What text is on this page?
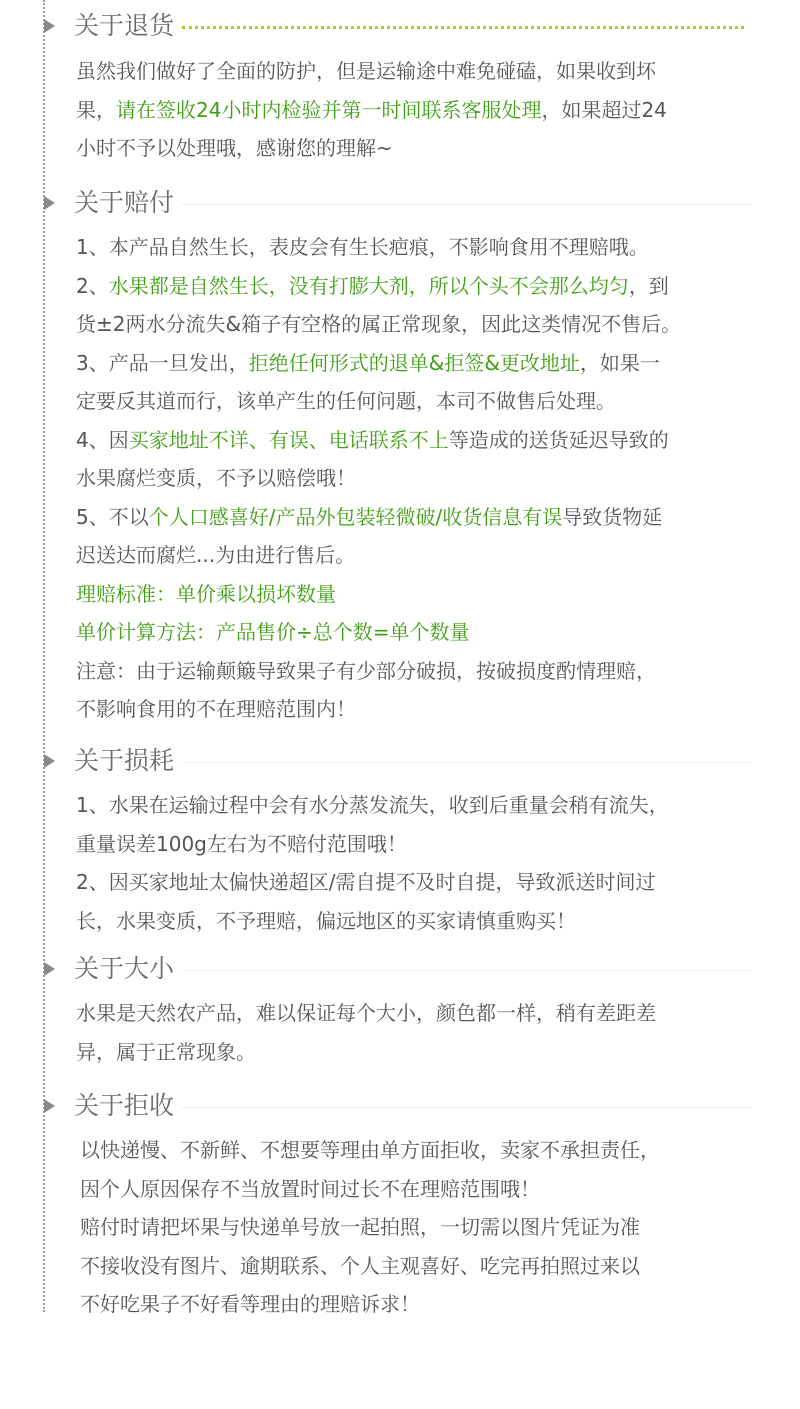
关于退货
虽然我们做好了全面的防护，但是运输途中难免碰磕，如果收到坏
果，请在签收24小时内检验并第一时间联系客服处理，如果超过24
小时不予以处理哦，感谢您的理解~
关于赔付
1、本产品自然生长，表皮会有生长疤痕，不影响食用不理赔哦。
2、水果都是自然生长，没有打膨大剂，所以个头不会那么均匀，到
货±2两水分流失&箱子有空格的属正常现象，因此这类情况不售后。
3、产品一旦发出，拒绝任何形式的退单&拒签&更改地址，如果一
定要反其道而行，该单产生的任何问题，本司不做售后处理。
4、因买家地址不详、有误、电话联系不上等造成的送货延迟导致的
水果腐烂变质，不予以赔偿哦！
5、不以个人口感喜好/产品外包装轻微破/收货信息有误导致货物延
迟送达而腐烂...为由进行售后。
理赔标准：单价乘以损坏数量
单价计算方法：产品售价÷总个数=单个数量
注意：由于运输颠簸导致果子有少部分破损，按破损度酌情理赔，
不影响食用的不在理赔范围内！
关于损耗
1、水果在运输过程中会有水分蒸发流失，收到后重量会稍有流失，
重量误差100g左右为不赔付范围哦！
2、因买家地址太偏快递超区/需自提不及时自提，导致派送时间过
长，水果变质，不予理赔，偏远地区的买家请慎重购买！
关于大小
水果是天然农产品，难以保证每个大小，颜色都一样，稍有差距差
异，属于正常现象。
关于拒收
以快递慢、不新鲜、不想要等理由单方面拒收，卖家不承担责任，
因个人原因保存不当放置时间过长不在理赔范围哦！
赔付时请把坏果与快递单号放一起拍照，一切需以图片凭证为准
不接收没有图片、逾期联系、个人主观喜好、吃完再拍照过来以
不好吃果子不好看等理由的理赔诉求！
